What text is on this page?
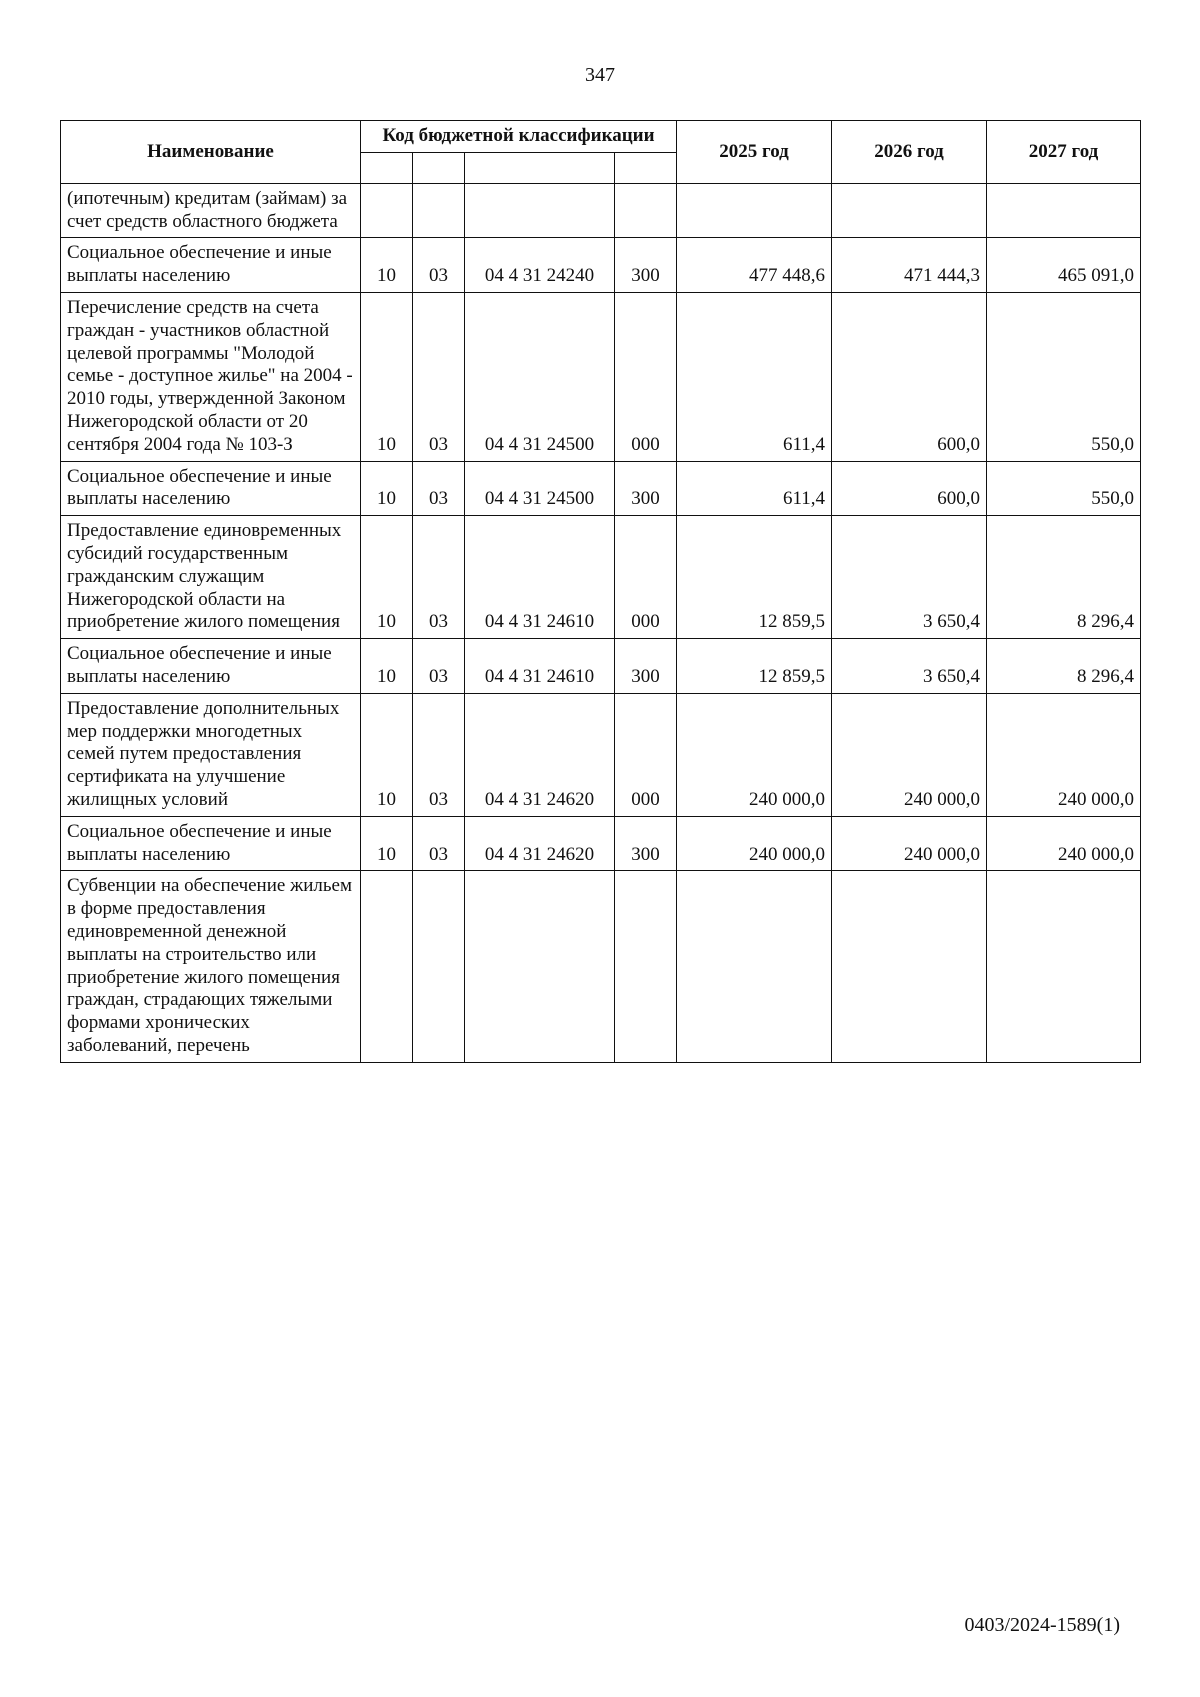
347
Наименование	Код бюджетной классификации				2025 год	2026 год	2027 год

(ипотечным) кредитам (займам) за счет средств областного бюджета							
Социальное обеспечение и иные выплаты населению	10	03	04 4 31 24240	300	477 448,6	471 444,3	465 091,0
Перечисление средств на счета граждан - участников областной целевой программы "Молодой семье - доступное жилье" на 2004 - 2010 годы, утвержденной Законом Нижегородской области от 20 сентября 2004 года № 103-З	10	03	04 4 31 24500	000	611,4	600,0	550,0
Социальное обеспечение и иные выплаты населению	10	03	04 4 31 24500	300	611,4	600,0	550,0
Предоставление единовременных субсидий государственным гражданским служащим Нижегородской области на приобретение жилого помещения	10	03	04 4 31 24610	000	12 859,5	3 650,4	8 296,4
Социальное обеспечение и иные выплаты населению	10	03	04 4 31 24610	300	12 859,5	3 650,4	8 296,4
Предоставление дополнительных мер поддержки многодетных семей путем предоставления сертификата на улучшение жилищных условий	10	03	04 4 31 24620	000	240 000,0	240 000,0	240 000,0
Социальное обеспечение и иные выплаты населению	10	03	04 4 31 24620	300	240 000,0	240 000,0	240 000,0
Субвенции на обеспечение жильем в форме предоставления единовременной денежной выплаты на строительство или приобретение жилого помещения граждан, страдающих тяжелыми формами хронических заболеваний, перечень							
0403/2024-1589(1)
